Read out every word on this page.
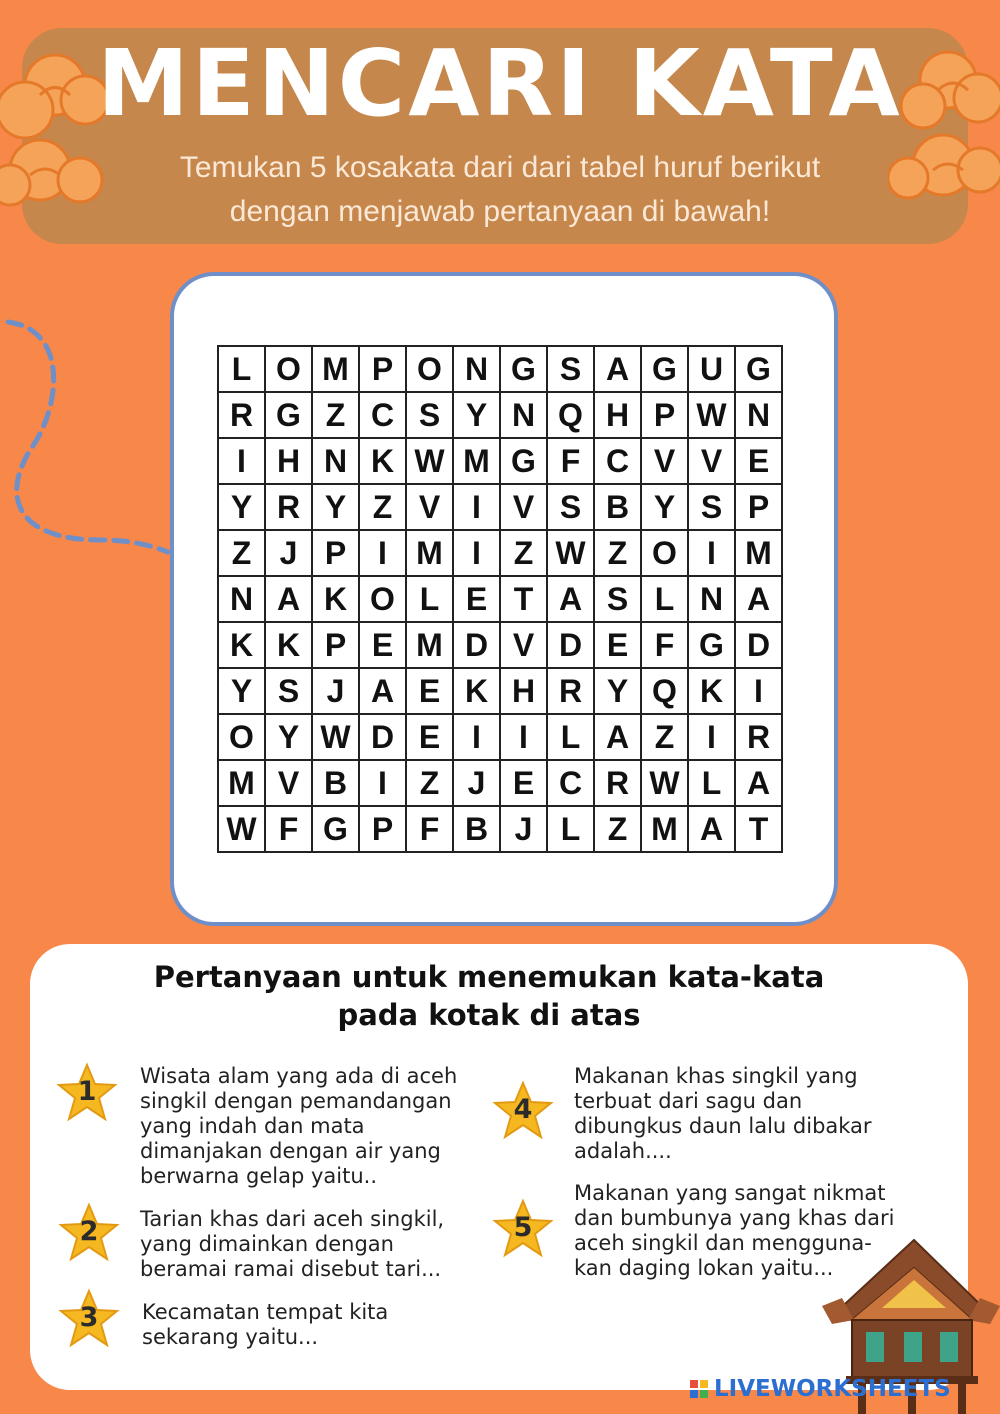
MENCARI KATA
Temukan 5 kosakata dari dari tabel huruf berikut
dengan menjawab pertanyaan di bawah!
L O M P O N G S A G U G
R G Z C S Y N Q H P W N
I H N K W M G F C V V E
Y R Y Z V I V S B Y S P
Z J P I M I	Z W Z O I M
N A K O L E T A S L N A
K K P E M D V D E F G D
Y S J A E K H R Y Q K I
O Y W D E I	I	L A Z	I R
M V B I	Z J E C R W L A
W F G P F B J L Z M A T
Pertanyaan untuk menemukan kata-kata
pada kotak di atas
1	Wisata alam yang ada di aceh
singkil dengan pemandangan
yang indah dan mata
dimanjakan dengan air yang
berwarna gelap yaitu..
2	Tarian khas dari aceh singkil,
yang dimainkan dengan
beramai ramai disebut tari...
3	Kecamatan tempat kita
sekarang yaitu...
4
Makanan khas singkil yang
terbuat dari sagu dan
dibungkus daun lalu dibakar
adalah....
5
Makanan yang sangat nikmat
dan bumbunya yang khas dari
aceh singkil dan mengguna-
kan daging lokan yaitu...
LIVEWORKSHEETS
